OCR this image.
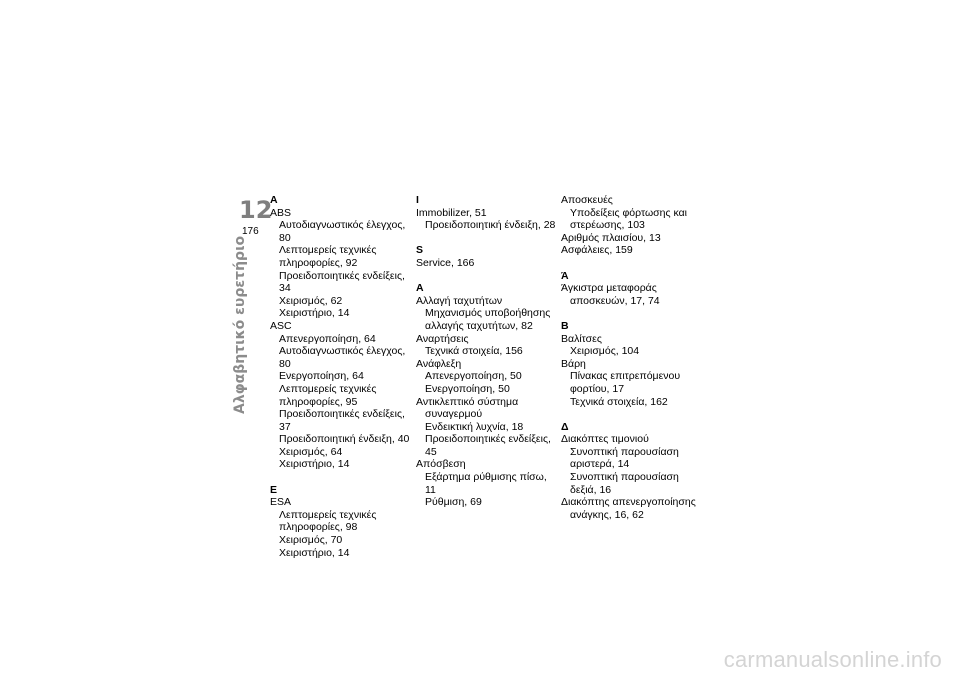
12
176
Αλφαβητικό ευρετήριο
A
ABS
Αυτοδιαγνωστικός έλεγχος, 80
Λεπτομερείς τεχνικές
πληροφορίες, 92
Προειδοποιητικές ενδείξεις, 34
Χειρισμός, 62
Χειριστήριο, 14
ASC
Απενεργοποίηση, 64
Αυτοδιαγνωστικός έλεγχος, 80
Ενεργοποίηση, 64
Λεπτομερείς τεχνικές
πληροφορίες, 95
Προειδοποιητικές ενδείξεις, 37
Προειδοποιητική ένδειξη, 40
Χειρισμός, 64
Χειριστήριο, 14
E
ESA
Λεπτομερείς τεχνικές
πληροφορίες, 98
Χειρισμός, 70
Χειριστήριο, 14
I
Immobilizer, 51
Προειδοποιητική ένδειξη, 28
S
Service, 166
A
Αλλαγή ταχυτήτων
Μηχανισμός υποβοήθησης
αλλαγής ταχυτήτων, 82
Αναρτήσεις
Τεχνικά στοιχεία, 156
Ανάφλεξη
Απενεργοποίηση, 50
Ενεργοποίηση, 50
Αντικλεπτικό σύστημα
συναγερμού
Ενδεικτική λυχνία, 18
Προειδοποιητικές ενδείξεις, 45
Απόσβεση
Εξάρτημα ρύθμισης πίσω, 11
Ρύθμιση, 69
Αποσκευές
Υποδείξεις φόρτωσης και
στερέωσης, 103
Αριθμός πλαισίου, 13
Ασφάλειες, 159
Ά
Άγκιστρα μεταφοράς
αποσκευών, 17, 74
B
Βαλίτσες
Χειρισμός, 104
Βάρη
Πίνακας επιτρεπόμενου
φορτίου, 17
Τεχνικά στοιχεία, 162
Δ
Διακόπτες τιμονιού
Συνοπτική παρουσίαση
αριστερά, 14
Συνοπτική παρουσίαση
δεξιά, 16
Διακόπτης απενεργοποίησης
ανάγκης, 16, 62
carmanualsonline.info
